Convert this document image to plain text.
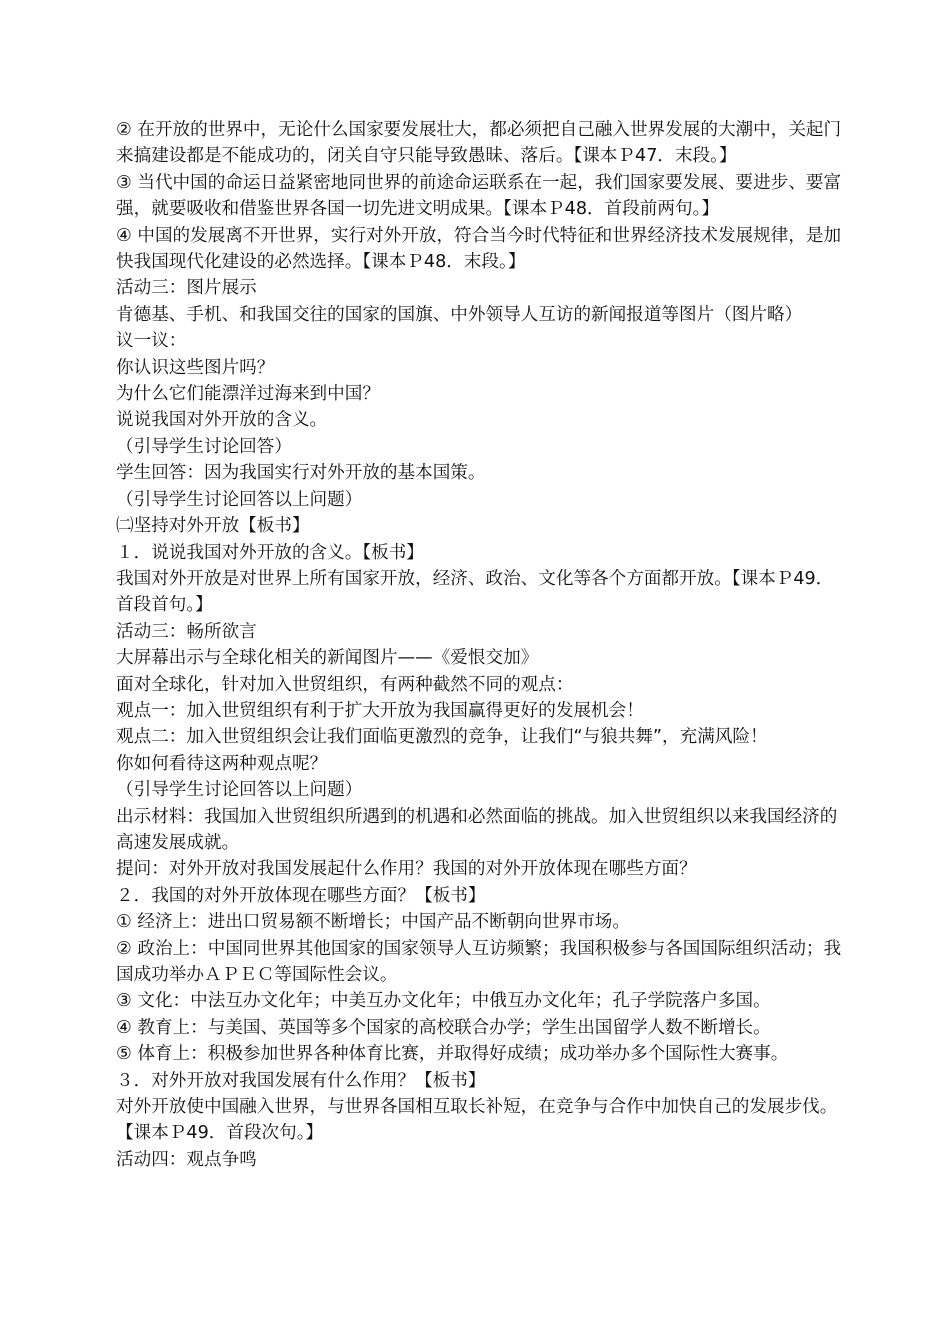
② 在开放的世界中，无论什么国家要发展壮大，都必须把自己融入世界发展的大潮中，关起门来搞建设都是不能成功的，闭关自守只能导致愚昧、落后。【课本Ｐ47．末段。】

③ 当代中国的命运日益紧密地同世界的前途命运联系在一起，我们国家要发展、要进步、要富强，就要吸收和借鉴世界各国一切先进文明成果。【课本Ｐ48．首段前两句。】

④ 中国的发展离不开世界，实行对外开放，符合当今时代特征和世界经济技术发展规律，是加快我国现代化建设的必然选择。【课本Ｐ48．末段。】

活动三：图片展示

肯德基、手机、和我国交往的国家的国旗、中外领导人互访的新闻报道等图片（图片略）

议一议：

你认识这些图片吗？

为什么它们能漂洋过海来到中国？

说说我国对外开放的含义。

（引导学生讨论回答）

学生回答：因为我国实行对外开放的基本国策。

（引导学生讨论回答以上问题）

㈡坚持对外开放【板书】

１．说说我国对外开放的含义。【板书】

我国对外开放是对世界上所有国家开放，经济、政治、文化等各个方面都开放。【课本Ｐ49．首段首句。】

活动三：畅所欲言

大屏幕出示与全球化相关的新闻图片——《爱恨交加》

面对全球化，针对加入世贸组织，有两种截然不同的观点：

观点一：加入世贸组织有利于扩大开放为我国赢得更好的发展机会！

观点二：加入世贸组织会让我们面临更激烈的竞争，让我们“与狼共舞”，充满风险！

你如何看待这两种观点呢？

（引导学生讨论回答以上问题）

出示材料：我国加入世贸组织所遇到的机遇和必然面临的挑战。加入世贸组织以来我国经济的高速发展成就。

提问：对外开放对我国发展起什么作用？我国的对外开放体现在哪些方面？

２．我国的对外开放体现在哪些方面？【板书】

① 经济上：进出口贸易额不断增长；中国产品不断朝向世界市场。

② 政治上：中国同世界其他国家的国家领导人互访频繁；我国积极参与各国国际组织活动；我国成功举办ＡＰＥＣ等国际性会议。

③ 文化：中法互办文化年；中美互办文化年；中俄互办文化年；孔子学院落户多国。

④ 教育上：与美国、英国等多个国家的高校联合办学；学生出国留学人数不断增长。

⑤ 体育上：积极参加世界各种体育比赛，并取得好成绩；成功举办多个国际性大赛事。

３．对外开放对我国发展有什么作用？【板书】

对外开放使中国融入世界，与世界各国相互取长补短，在竞争与合作中加快自己的发展步伐。【课本Ｐ49．首段次句。】

活动四：观点争鸣
